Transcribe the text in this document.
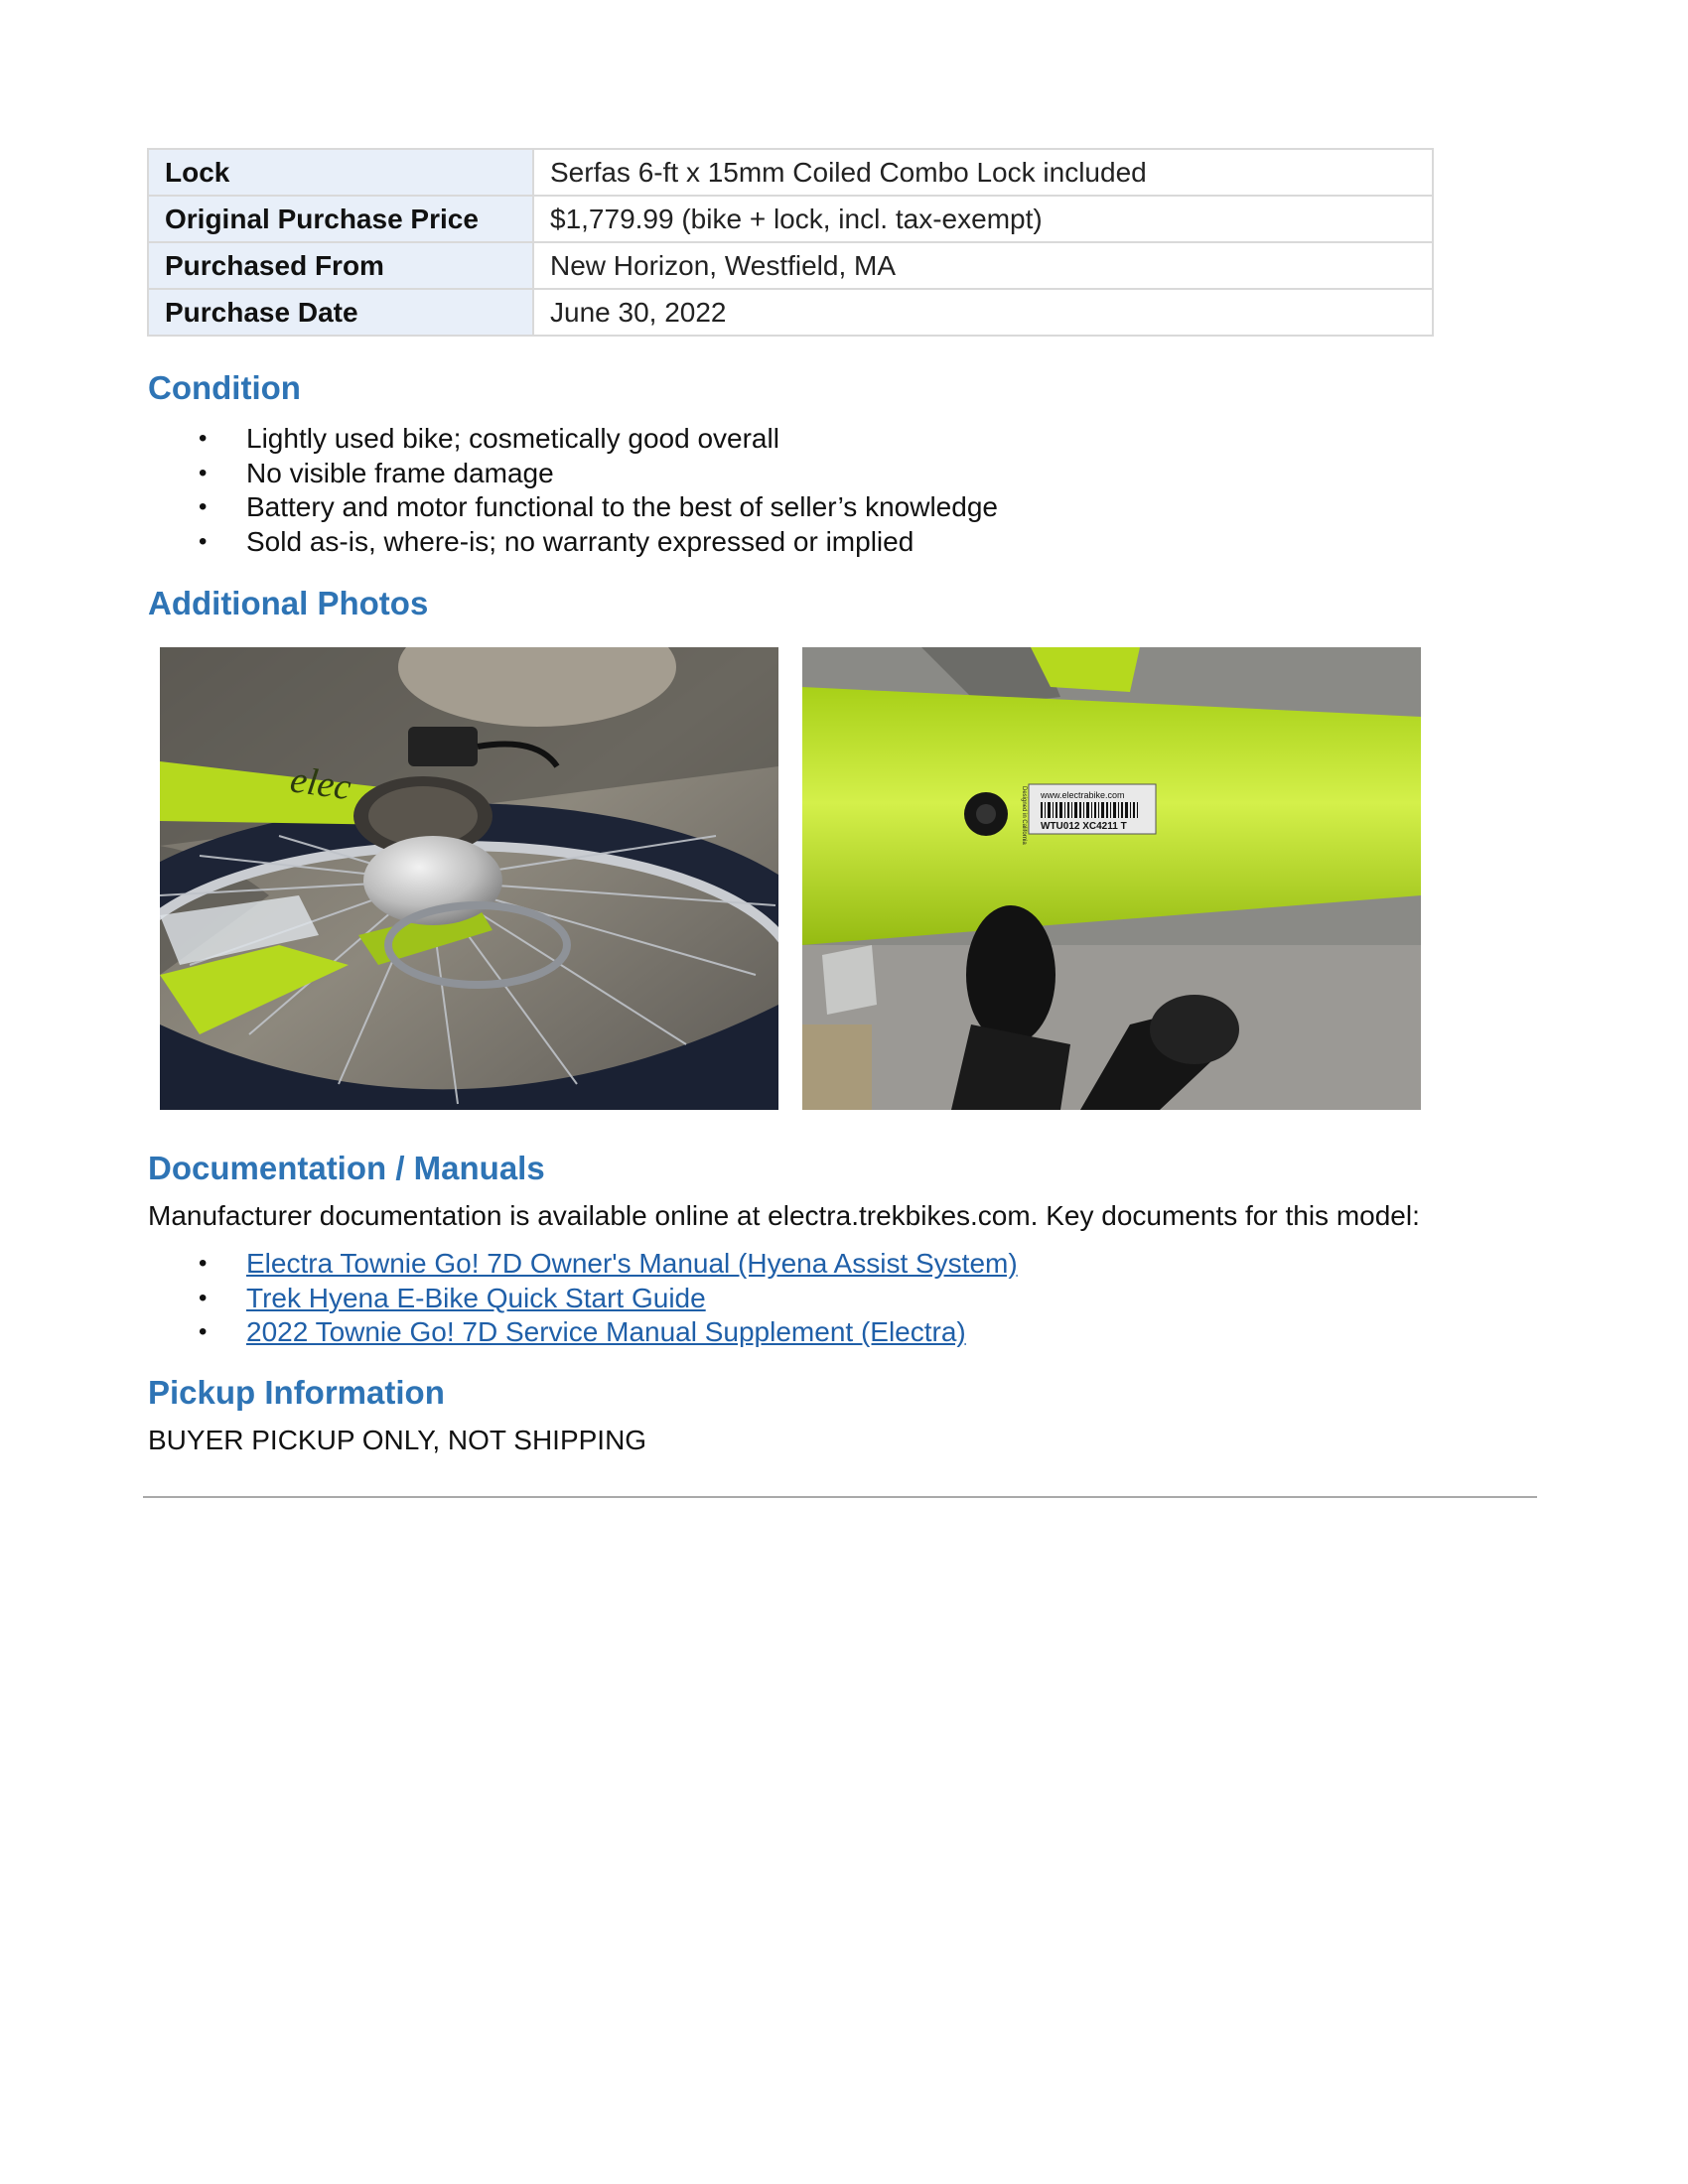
Lock	Serfas 6-ft x 15mm Coiled Combo Lock included
Original Purchase Price	$1,779.99 (bike + lock, incl. tax-exempt)
Purchased From	New Horizon, Westfield, MA
Purchase Date	June 30, 2022
Condition
• Lightly used bike; cosmetically good overall
• No visible frame damage
• Battery and motor functional to the best of seller’s knowledge
• Sold as-is, where-is; no warranty expressed or implied
Additional Photos
elec	www.electrabike.com
WTU012 XC4211 T
Designed in California
Documentation / Manuals

Manufacturer documentation is available online at electra.trekbikes.com. Key documents for this model:

• Electra Townie Go! 7D Owner's Manual (Hyena Assist System)
• Trek Hyena E-Bike Quick Start Guide
• 2022 Townie Go! 7D Service Manual Supplement (Electra)
Pickup Information

BUYER PICKUP ONLY, NOT SHIPPING
